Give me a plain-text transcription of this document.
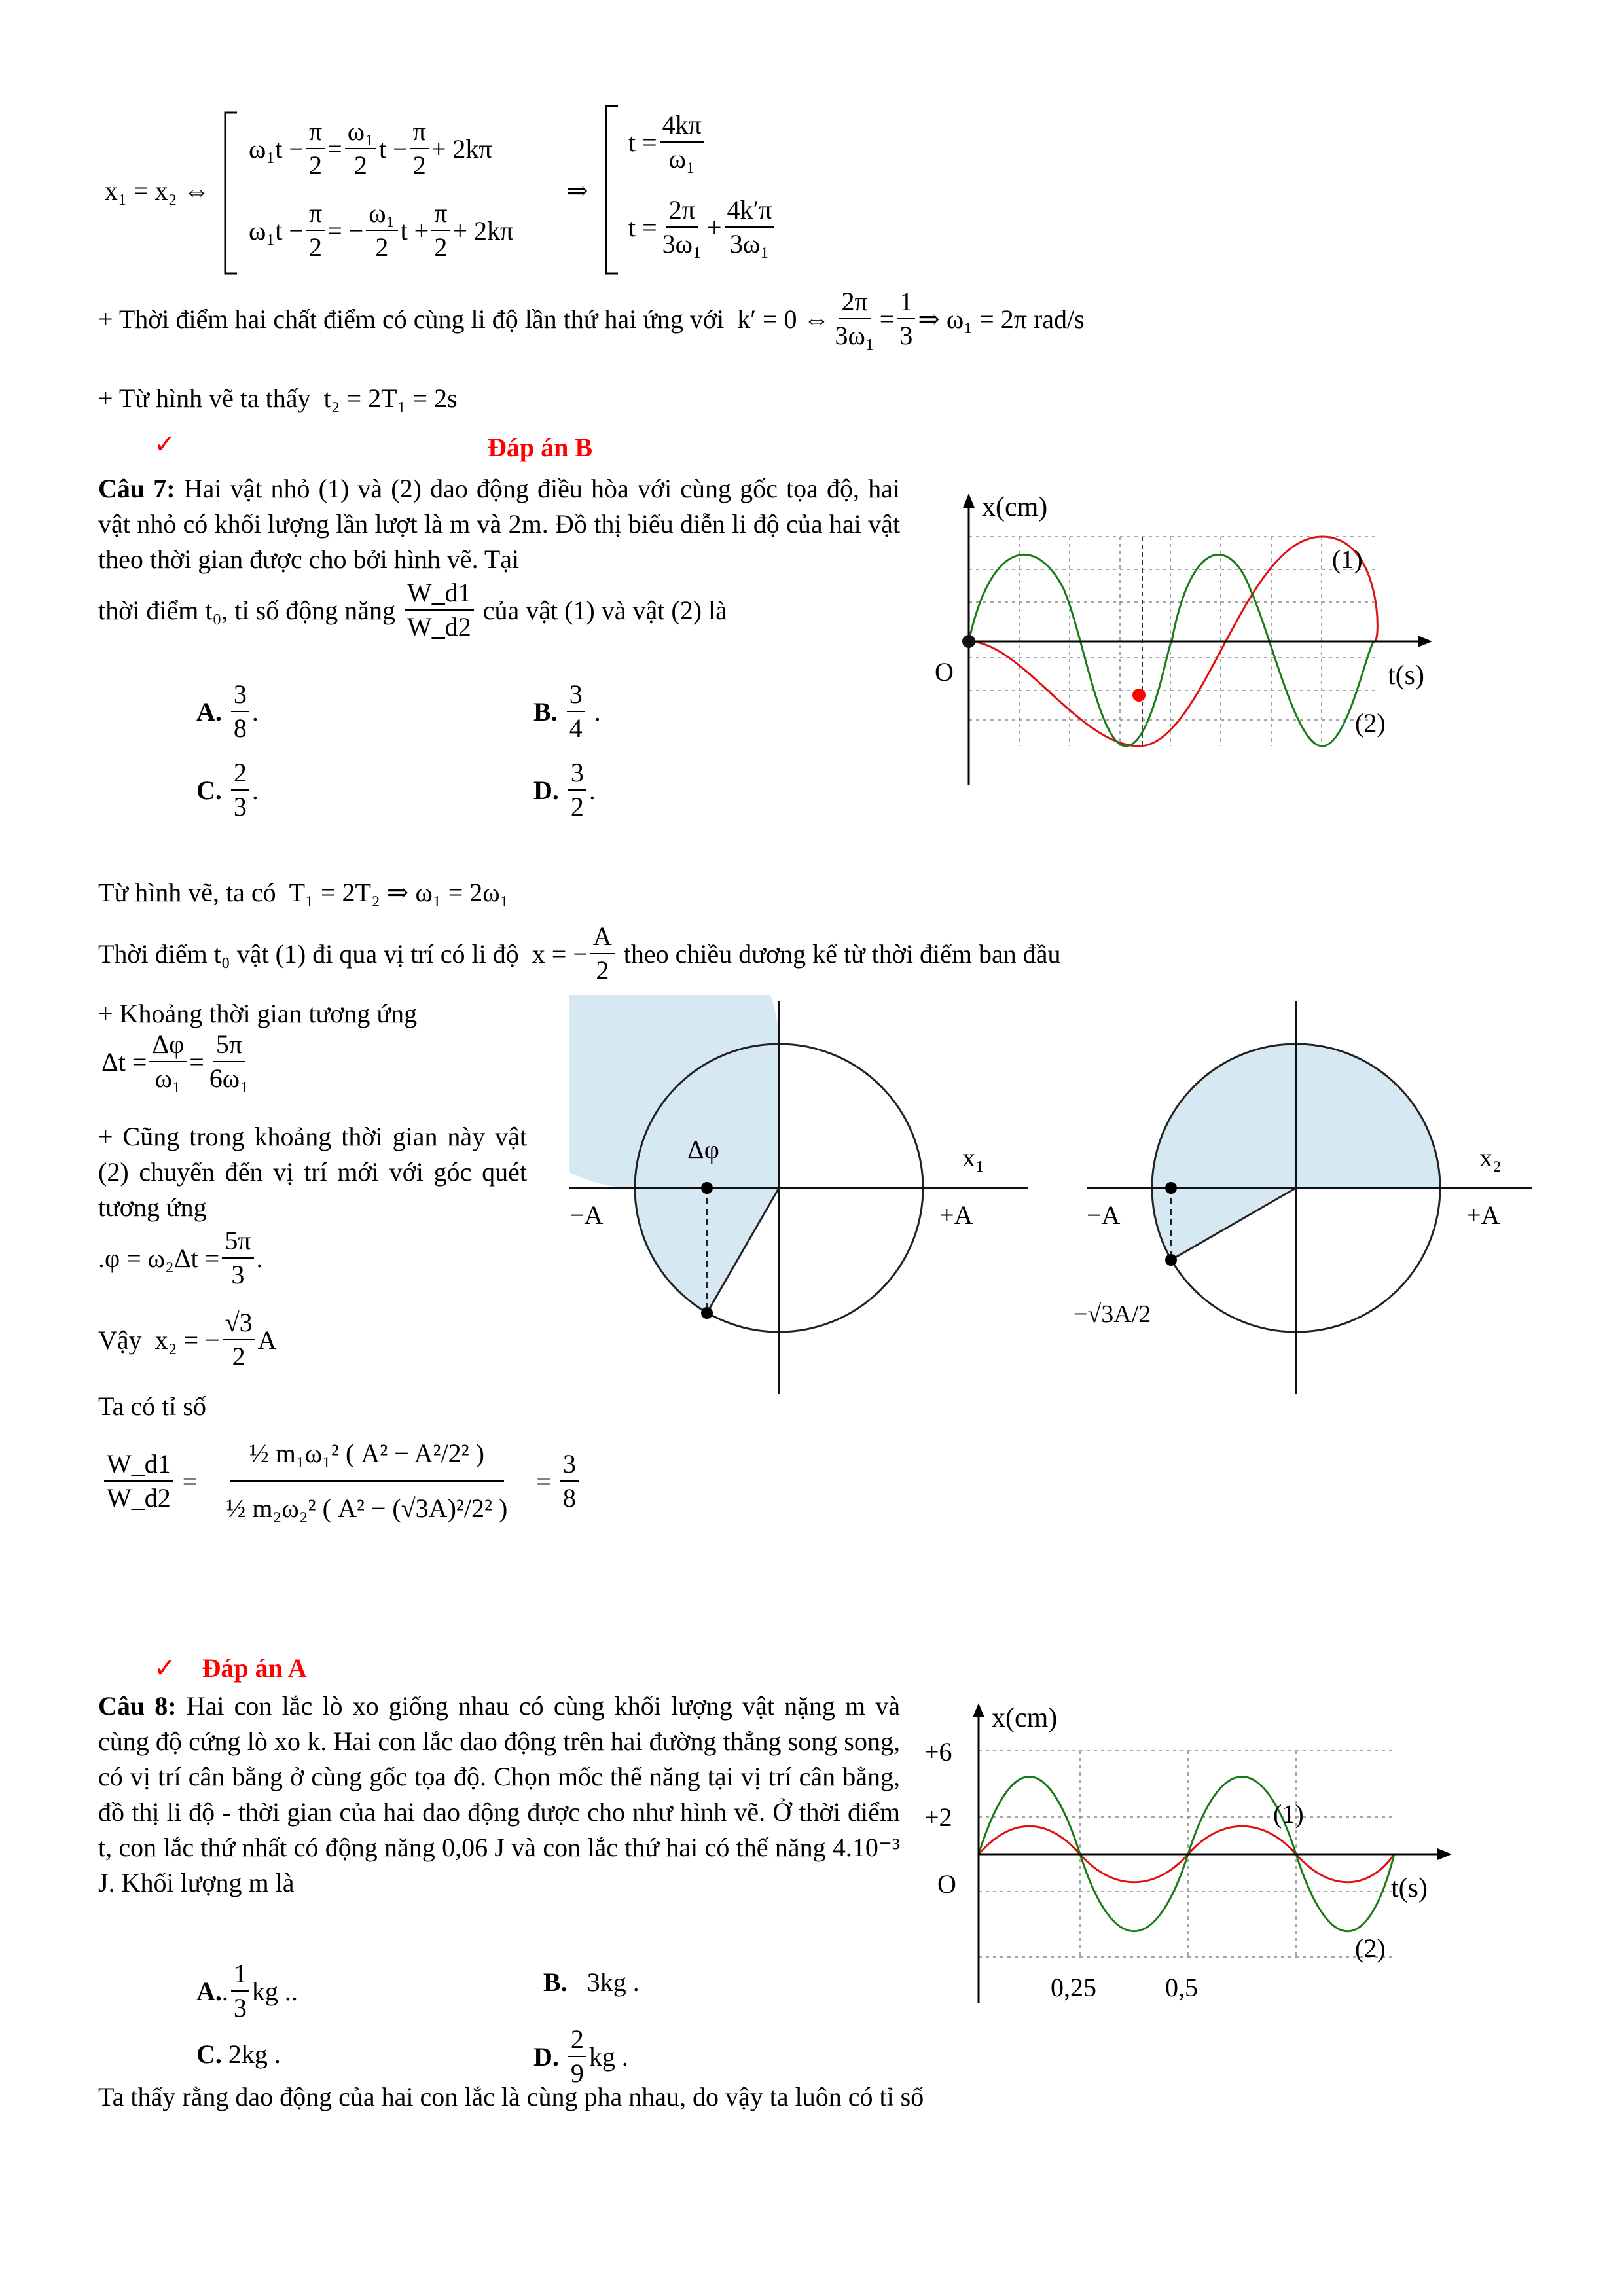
x₁ = x₂ ⇔
$\omega_1t - \frac{\pi}{2} = \frac{\text{ω₁}}{2}$ $t - \frac{\pi}{2} + 2k\pi$
$\omega_1t - \frac{\pi}{2}$ = − $\frac{\text{ω₁}}{2}$ $t + \frac{\pi}{2} + 2k\pi$
⇒
$t = \frac{4k\pi}{\text{ω₁}}$
$t = \frac{2\pi}{\text{3ω₁}} + \frac{4k'\pi}{\text{3ω₁}}$
+ Thời điểm hai chất điểm có cùng li độ lần thứ hai ứng với
k′ = 0 ⇔ $\frac{2\pi}{\text{3ω₁}} = \frac{1}{3}$ ⇒ ω₁ = 2π rad/s
+ Từ hình vẽ ta thấy t₂ = 2T₁ = 2s
✓	Đáp án B
Câu 7: Hai vật nhỏ (1) và (2) dao động điều hòa với cùng gốc tọa độ, hai vật nhỏ có khối lượng lần lượt là m và 2m. Đồ thị biểu diễn li độ của hai vật theo thời gian được cho bởi hình vẽ. Tại
thời điểm t₀, tỉ số động năng
$\frac{W\_d1}{W\_d2}$
của vật (1) và vật (2) là
A.
$\frac{3}{8}$ .	B.
$\frac{3}{4}$ .
C.
$\frac{2}{3}$ .	D.
$\frac{3}{2}$ .
x(cm)
t(s)
O
(1)
(2)
Từ hình vẽ, ta có T₁ = 2T₂ ⇒ ω₁ = 2ω₁
Thời điểm t₀ vật (1) đi qua vị trí có li độ
x = − $\frac{A}{2}$
theo chiều dương kể từ thời điểm ban đầu
+ Khoảng thời gian tương ứng
$\Delta t = \frac{\Delta\varphi}{\text{ω₁}} = \frac{5\pi}{\text{6ω₁}}$
+ Cũng trong khoảng thời gian này vật (2) chuyển đến vị trí mới với góc quét tương ứng
$.\varphi = \omega_2\Delta t = \frac{5\pi}{3}$ .
Vậy
x₂ = − $\frac{√3}{2}$ A
Ta có tỉ số
$\frac{W\_d1}{W\_d2} = \frac{\text{½ m₁ω₁² ( A² − A²/2² )}}{\text{½ m₂ω₂² ( A² − (√3A)²/2² )}} = \frac{3}{8}$
Δφ	x₁
−A	+A
x₂
−A	+A
−√3A/2
✓ Đáp án A
Câu 8: Hai con lắc lò xo giống nhau có cùng khối lượng vật nặng m và cùng độ cứng lò xo k. Hai con lắc dao động trên hai đường thẳng song song, có vị trí cân bằng ở cùng gốc tọa độ. Chọn mốc thế năng tại vị trí cân bằng, đồ thị li độ - thời gian của hai dao động được cho như hình vẽ. Ở thời điểm t, con lắc thứ nhất có động năng 0,06 J và con lắc thứ hai có thế năng 4.10⁻³ J. Khối lượng m là
A. . $\frac{1}{3}$ kg ..	B. 3kg .
C. 2kg .	D.
$\frac{2}{9}$ kg .
x(cm)
t(s)
O
+6
+2
0,25	0,5
(1)
(2)
Ta thấy rằng dao động của hai con lắc là cùng pha nhau, do vậy ta luôn có tỉ số
